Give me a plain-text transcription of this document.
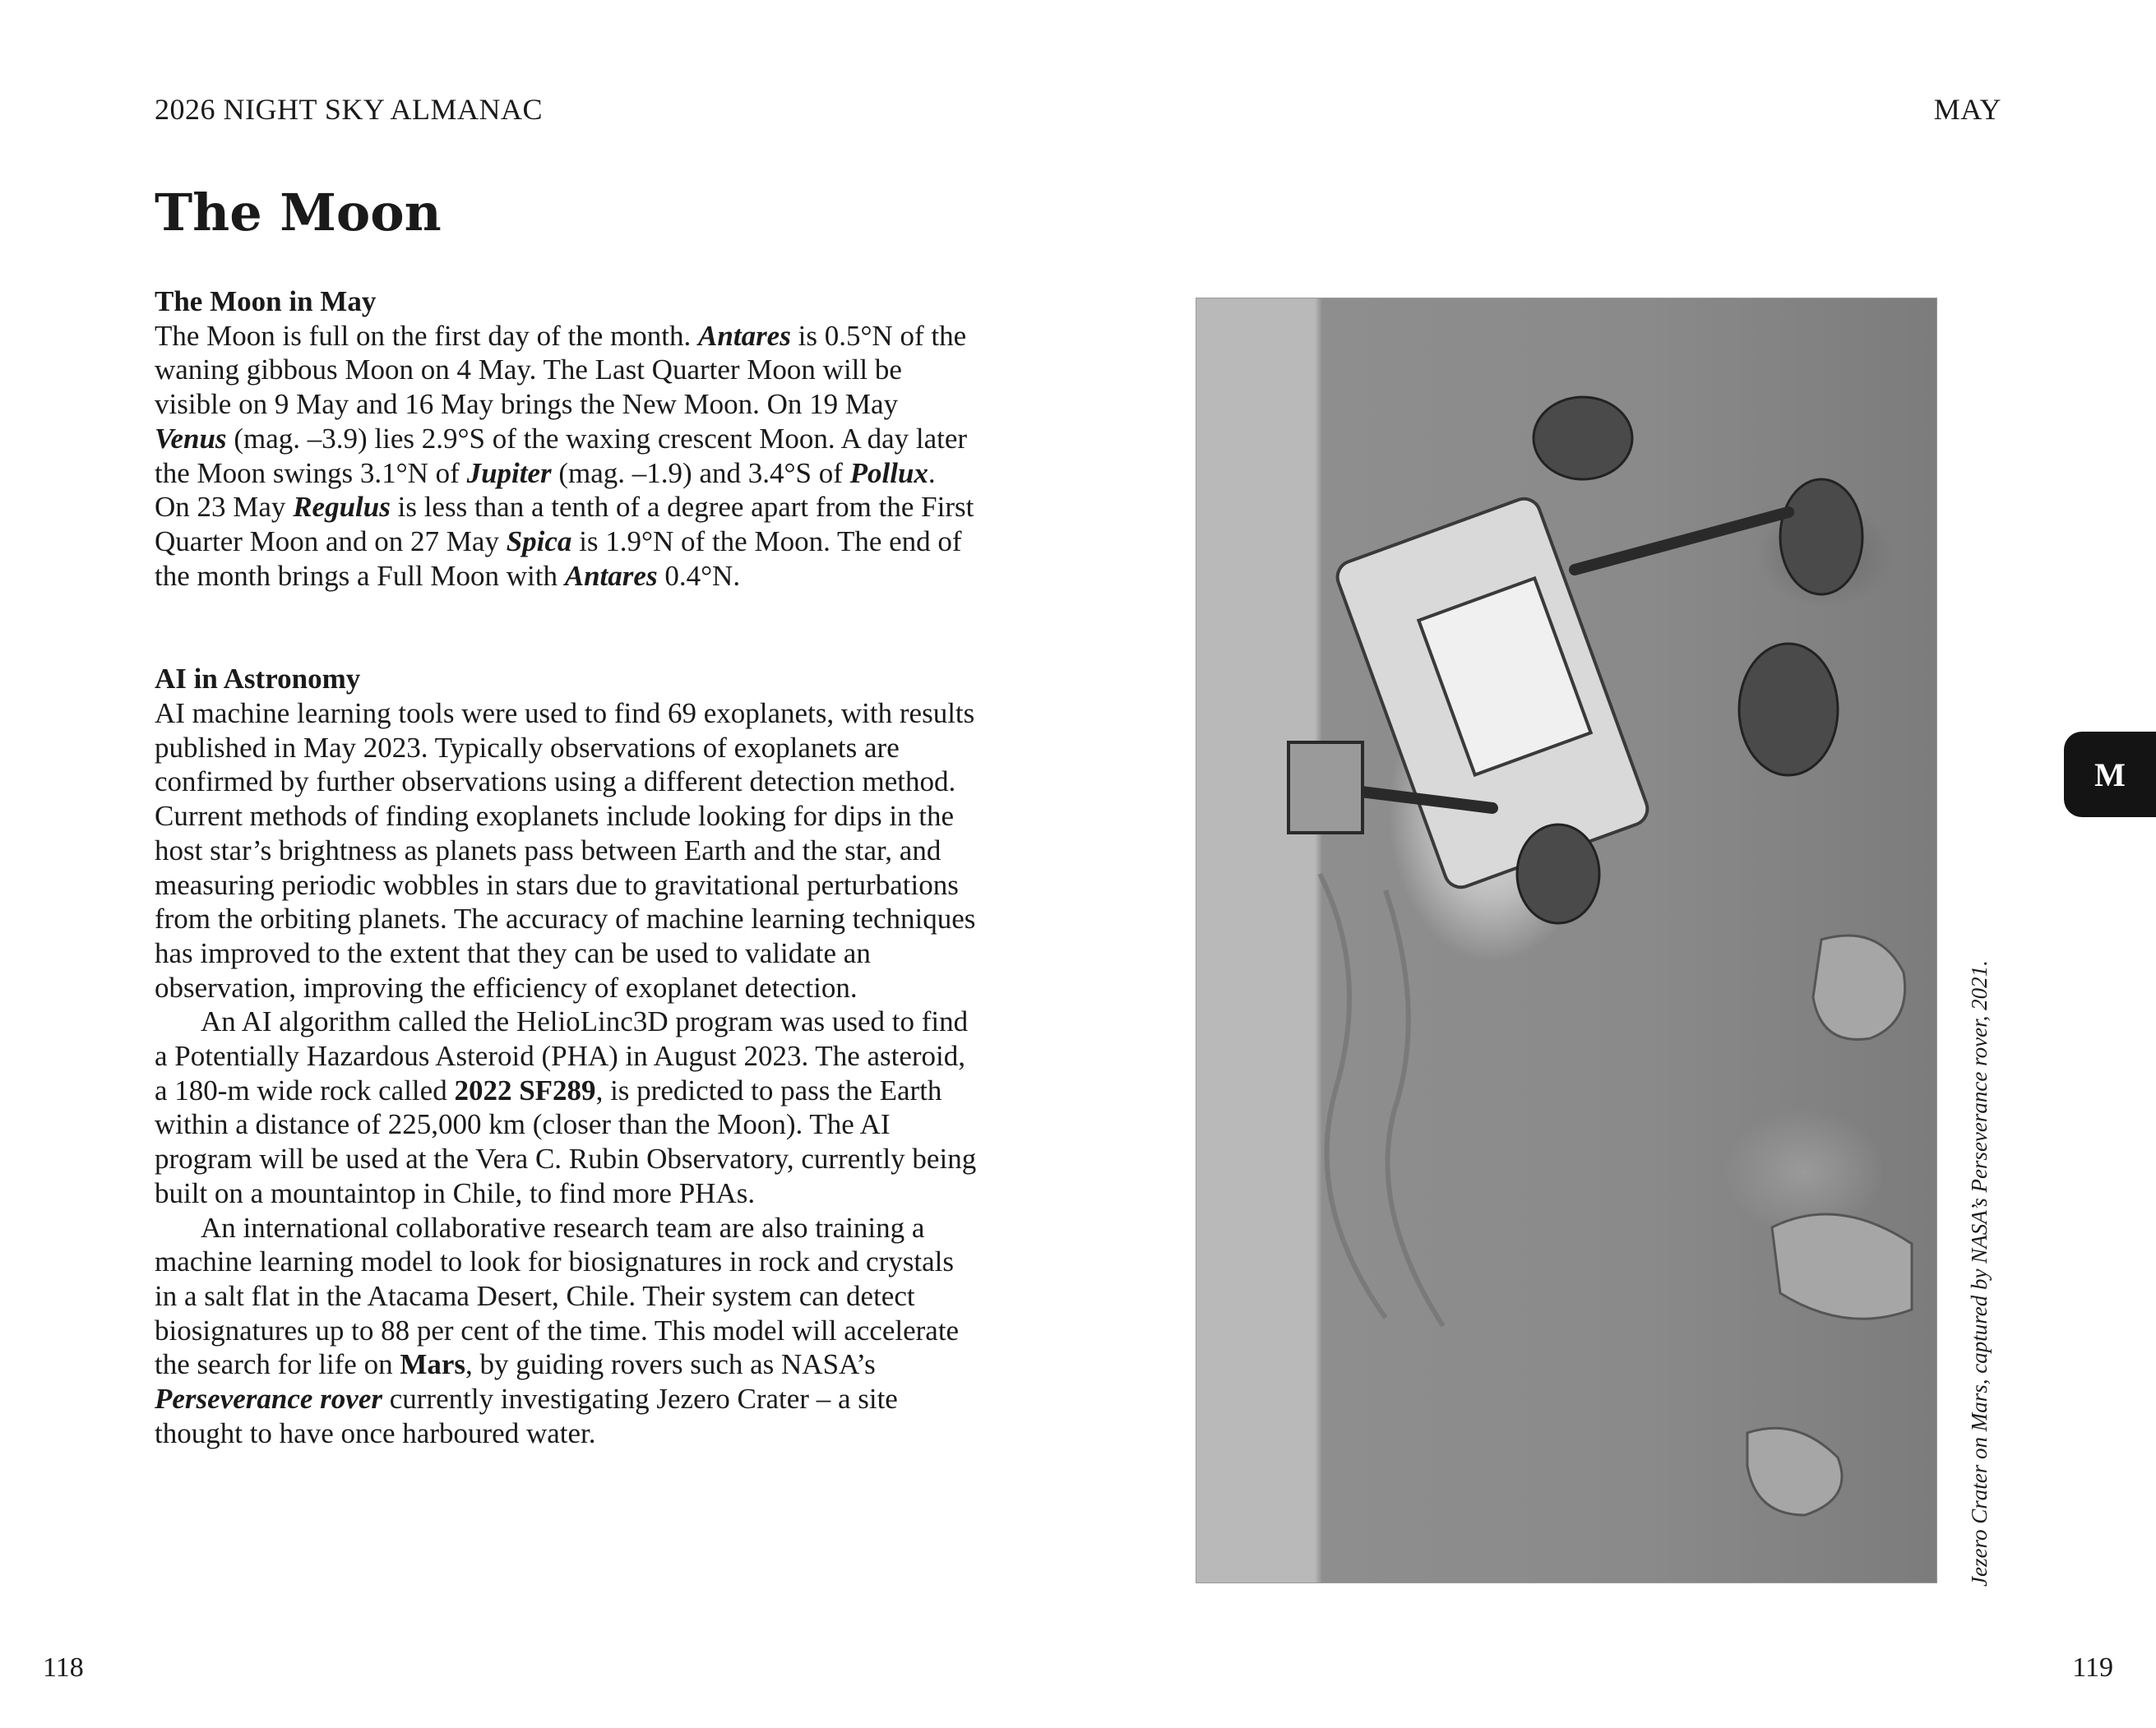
2026 NIGHT SKY ALMANAC	MAY
The Moon
The Moon in May

The Moon is full on the first day of the month. Antares is 0.5°N of the waning gibbous Moon on 4 May. The Last Quarter Moon will be visible on 9 May and 16 May brings the New Moon. On 19 May Venus (mag. –3.9) lies 2.9°S of the waxing crescent Moon. A day later the Moon swings 3.1°N of Jupiter (mag. –1.9) and 3.4°S of Pollux. On 23 May Regulus is less than a tenth of a degree apart from the First Quarter Moon and on 27 May Spica is 1.9°N of the Moon. The end of the month brings a Full Moon with Antares 0.4°N.

AI in Astronomy

AI machine learning tools were used to find 69 exoplanets, with results published in May 2023. Typically observations of exoplanets are confirmed by further observations using a different detection method. Current methods of finding exoplanets include looking for dips in the host star’s brightness as planets pass between Earth and the star, and measuring periodic wobbles in stars due to gravitational perturbations from the orbiting planets. The accuracy of machine learning techniques has improved to the extent that they can be used to validate an observation, improving the efficiency of exoplanet detection.

An AI algorithm called the HelioLinc3D program was used to find a Potentially Hazardous Asteroid (PHA) in August 2023. The asteroid, a 180-m wide rock called 2022 SF289, is predicted to pass the Earth within a distance of 225,000 km (closer than the Moon). The AI program will be used at the Vera C. Rubin Observatory, currently being built on a mountaintop in Chile, to find more PHAs.

An international collaborative research team are also training a machine learning model to look for biosignatures in rock and crystals in a salt flat in the Atacama Desert, Chile. Their system can detect biosignatures up to 88 per cent of the time. This model will accelerate the search for life on Mars, by guiding rovers such as NASA’s Perseverance rover currently investigating Jezero Crater – a site thought to have once harboured water.	Jezero Crater on Mars, captured by NASA’s Perseverance rover, 2021.
M
118	119
